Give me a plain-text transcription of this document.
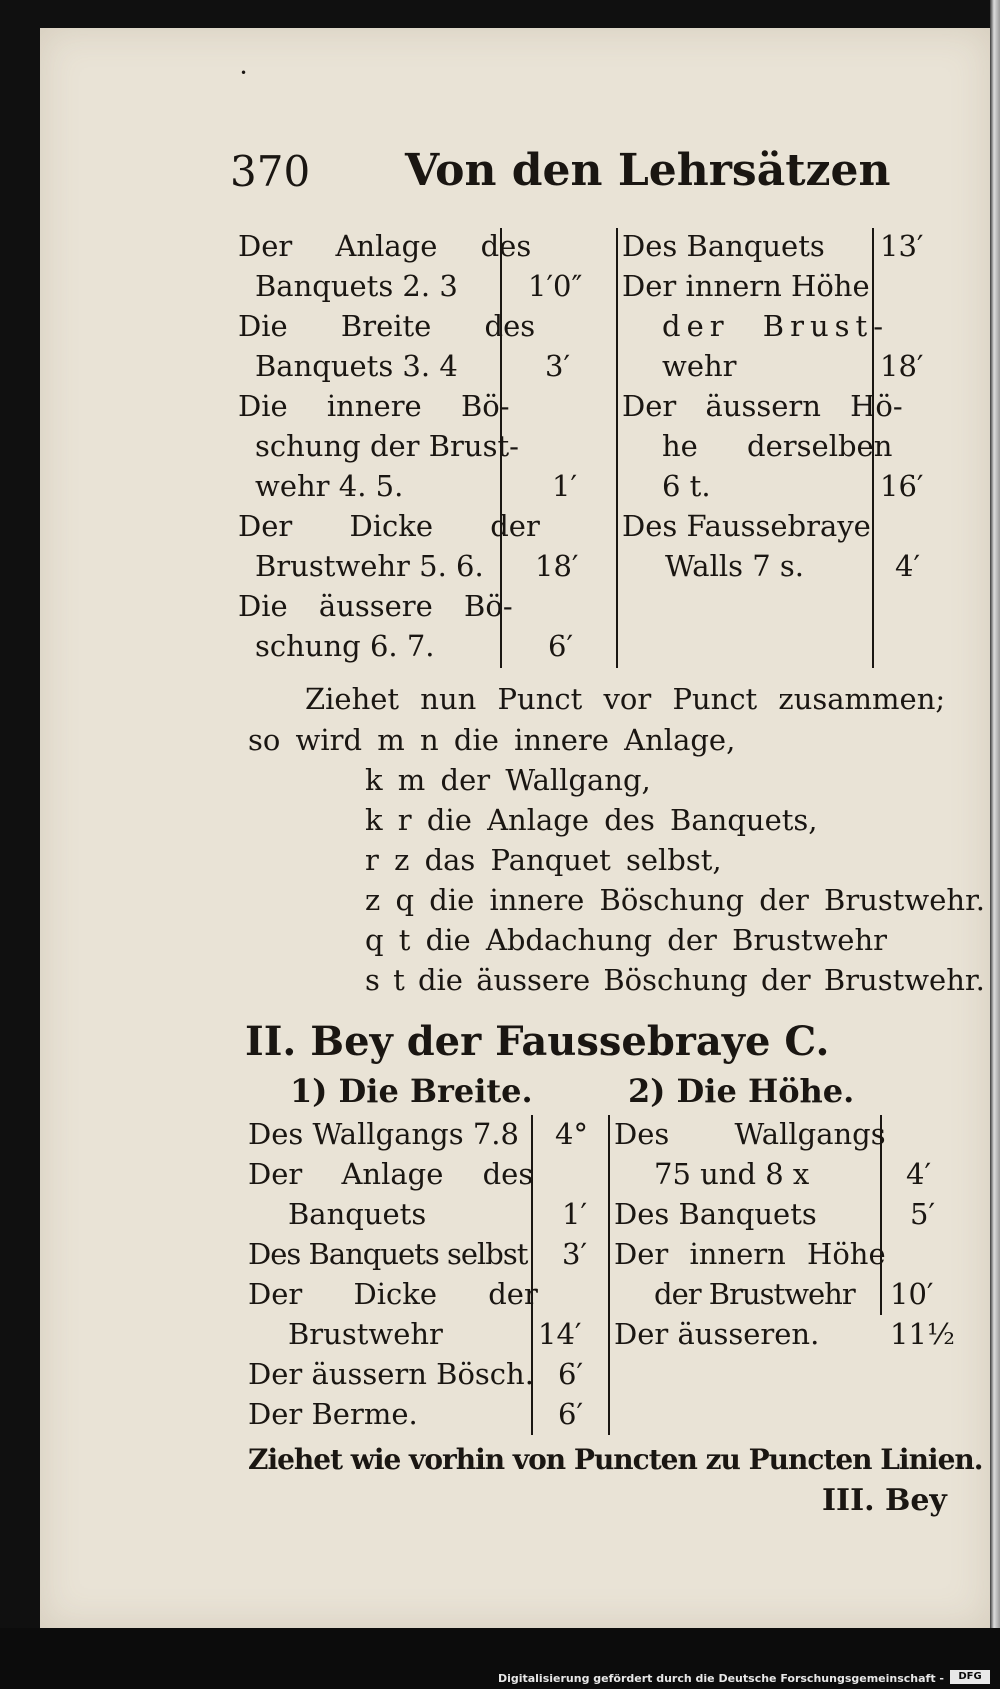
•
370 Von den Lehrsätzen
Der Anlage des
Banquets 2. 3 1′0″
Die Breite des
Banquets 3. 4	3′
Die innere Bö-
schung der Brust-
wehr 4. 5.	1′
Der Dicke der
Brustwehr 5. 6. 18′
Die äussere Bö-
schung 6. 7.	6′
Des Banquets 13′
Der innern Höhe
der Brust-
wehr	18′
Der äussern Hö-
he derselben
6 t.	16′
Des Faussebraye
Walls 7 s.	4′
Ziehet nun Punct vor Punct zusammen;
so wird m n die innere Anlage,
k m der Wallgang,
k r die Anlage des Banquets,
r z das Panquet selbst,
z q die innere Böschung der Brustwehr.
q t die Abdachung der Brustwehr
s t die äussere Böschung der Brustwehr.
II. Bey der Faussebraye C.
1) Die Breite.	2) Die Höhe.
Des Wallgangs 7.8 4°
Der Anlage des
Banquets	1′
Des Banquets selbst 3′
Der Dicke der
Brustwehr	14′
Der äussern Bösch. 6′
Der Berme.	6′
Des Wallgangs
75 und 8 x	4′
Des Banquets	5′
Der innern Höhe
der Brustwehr 10′
Der äusseren. 11½
Ziehet wie vorhin von Puncten zu Puncten Linien.
III. Bey
Digitalisierung gefördert durch die Deutsche Forschungsgemeinschaft -	DFG
